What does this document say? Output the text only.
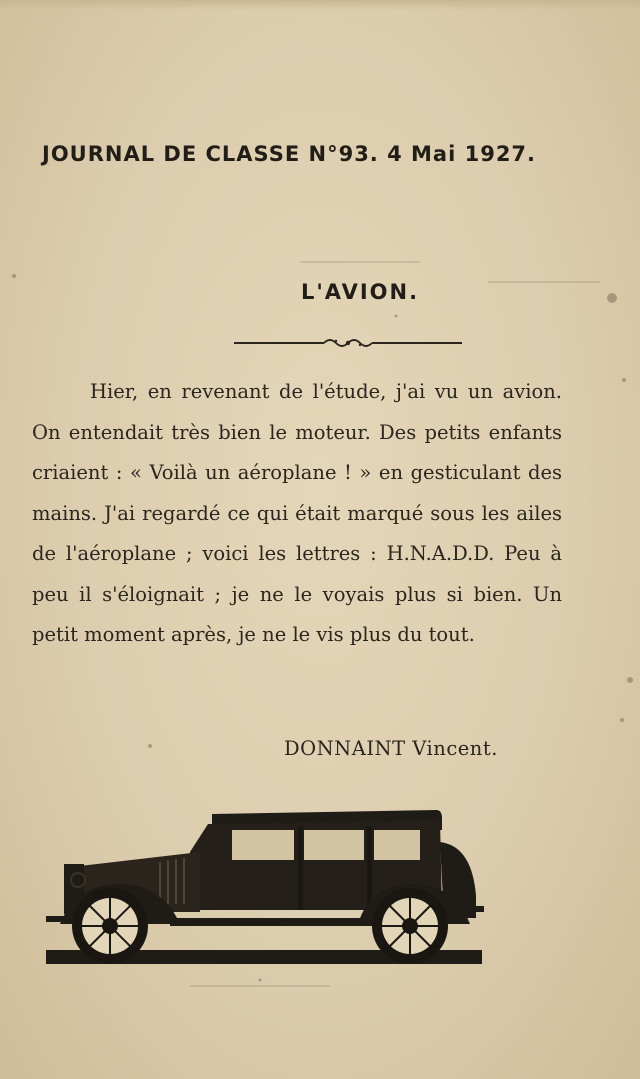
JOURNAL DE CLASSE N°93. 4 Mai 1927.
L'AVION.

Hier, en revenant de l'étude, j'ai vu un avion. On entendait très bien le moteur. Des petits enfants criaient : « Voilà un aéroplane ! » en gesticulant des mains. J'ai regardé ce qui était marqué sous les ailes de l'aéroplane ; voici les lettres : H.N.A.D.D. Peu à peu il s'éloignait ; je ne le voyais plus si bien. Un petit moment après, je ne le vis plus du tout.

DONNAINT Vincent.
